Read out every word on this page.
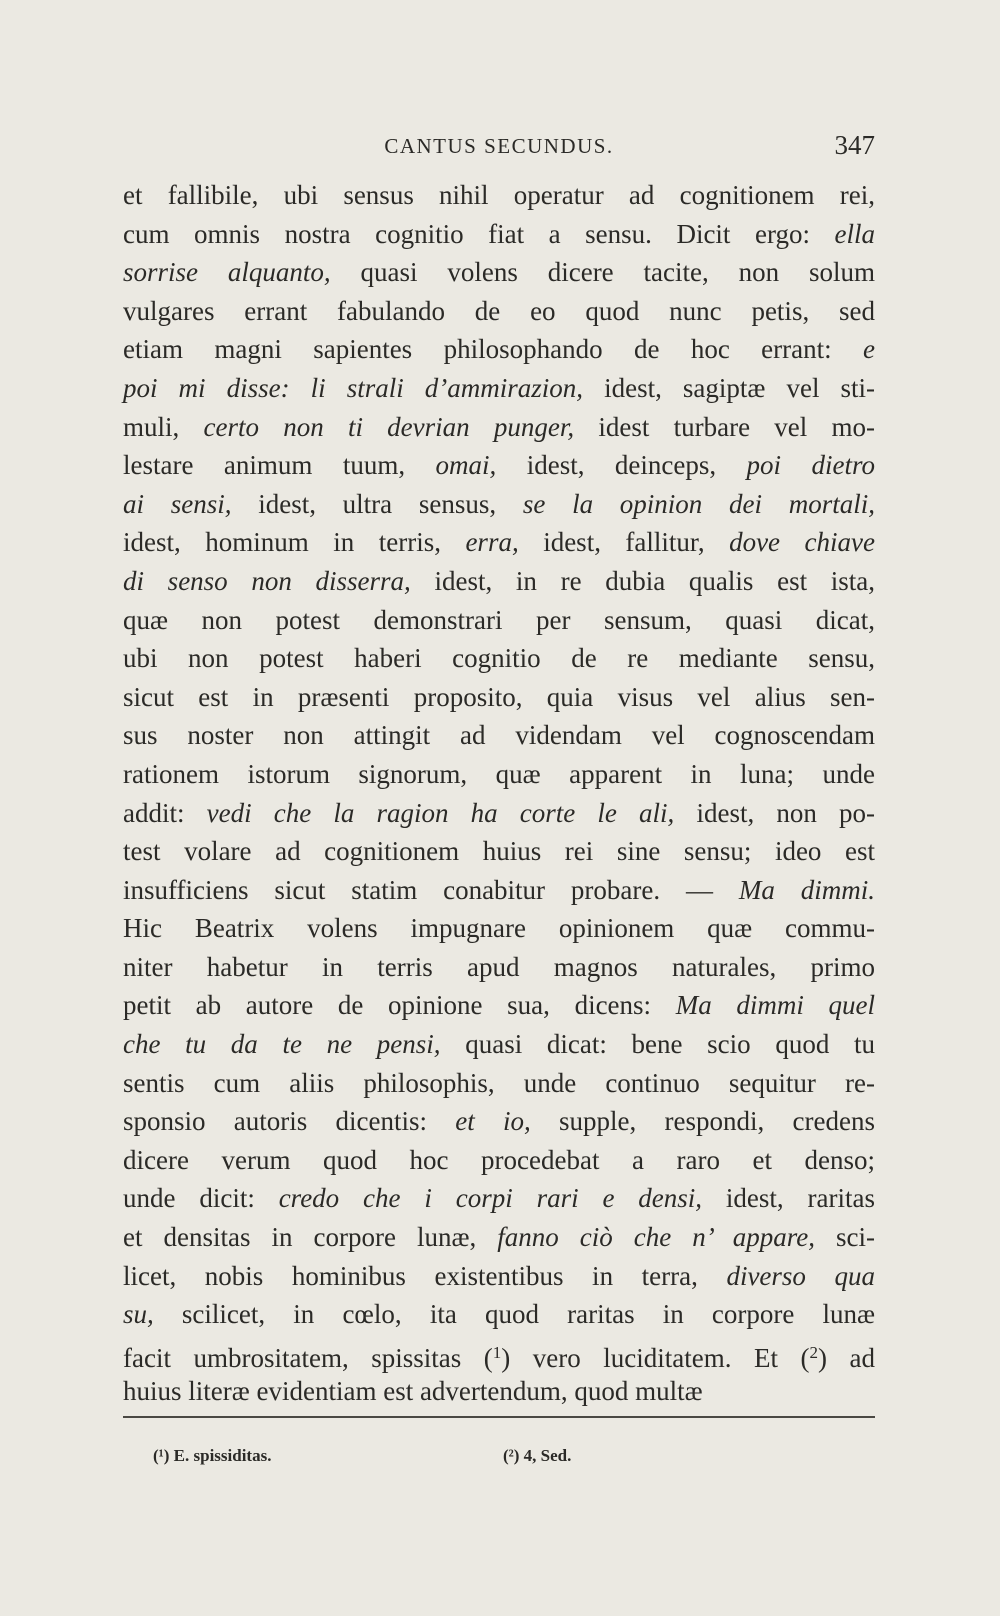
CANTUS SECUNDUS.	347
et fallibile, ubi sensus nihil operatur ad cognitionem rei,
cum omnis nostra cognitio fiat a sensu. Dicit ergo: ella
sorrise alquanto, quasi volens dicere tacite, non solum
vulgares errant fabulando de eo quod nunc petis, sed
etiam magni sapientes philosophando de hoc errant: e
poi mi disse: li strali d’ammirazion, idest, sagiptæ vel sti-
muli, certo non ti devrian punger, idest turbare vel mo-
lestare animum tuum, omai, idest, deinceps, poi dietro
ai sensi, idest, ultra sensus, se la opinion dei mortali,
idest, hominum in terris, erra, idest, fallitur, dove chiave
di senso non disserra, idest, in re dubia qualis est ista,
quæ non potest demonstrari per sensum, quasi dicat,
ubi non potest haberi cognitio de re mediante sensu,
sicut est in præsenti proposito, quia visus vel alius sen-
sus noster non attingit ad videndam vel cognoscendam
rationem istorum signorum, quæ apparent in luna; unde
addit: vedi che la ragion ha corte le ali, idest, non po-
test volare ad cognitionem huius rei sine sensu; ideo est
insufficiens sicut statim conabitur probare. — Ma dimmi.
Hic Beatrix volens impugnare opinionem quæ commu-
niter habetur in terris apud magnos naturales, primo
petit ab autore de opinione sua, dicens: Ma dimmi quel
che tu da te ne pensi, quasi dicat: bene scio quod tu
sentis cum aliis philosophis, unde continuo sequitur re-
sponsio autoris dicentis: et io, supple, respondi, credens
dicere verum quod hoc procedebat a raro et denso;
unde dicit: credo che i corpi rari e densi, idest, raritas
et densitas in corpore lunæ, fanno ciò che n’ appare, sci-
licet, nobis hominibus existentibus in terra, diverso qua
su, scilicet, in cœlo, ita quod raritas in corpore lunæ
facit umbrositatem, spissitas ($^1$) vero luciditatem. Et ($^2$) ad
huius literæ evidentiam est advertendum, quod multæ
(¹) E. spissiditas.	(²) 4, Sed.
